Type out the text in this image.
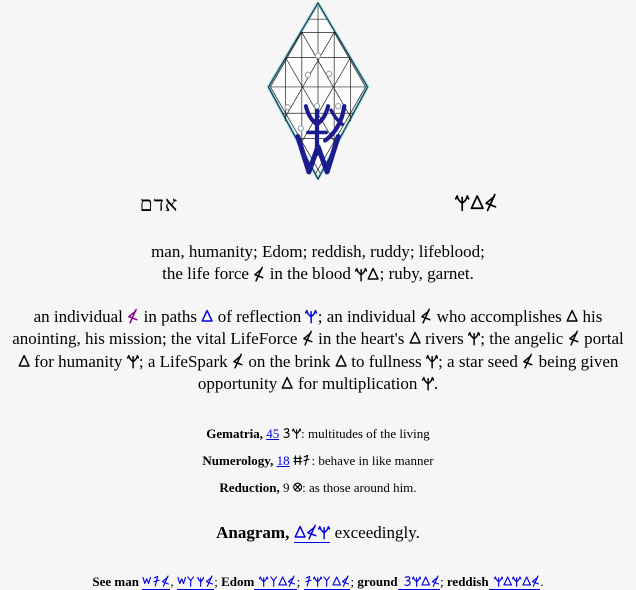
אדם
man, humanity; Edom; reddish, ruddy; lifeblood;
the life force  in the blood ; ruby, garnet.
an individual  in paths  of reflection ; an individual  who accomplishes  his anointing, his mission; the vital LifeForce  in the heart's  rivers ; the angelic  portal  for humanity ; a LifeSpark  on the brink  to fullness ; a star seed  being given opportunity  for multiplication .
Gematria, 45 : multitudes of the living
Numerology, 18 : behave in like manner
Reduction, 9 : as those around him.
Anagram,  exceedingly.
See man ,	; Edom	;	; ground	; reddish	.
